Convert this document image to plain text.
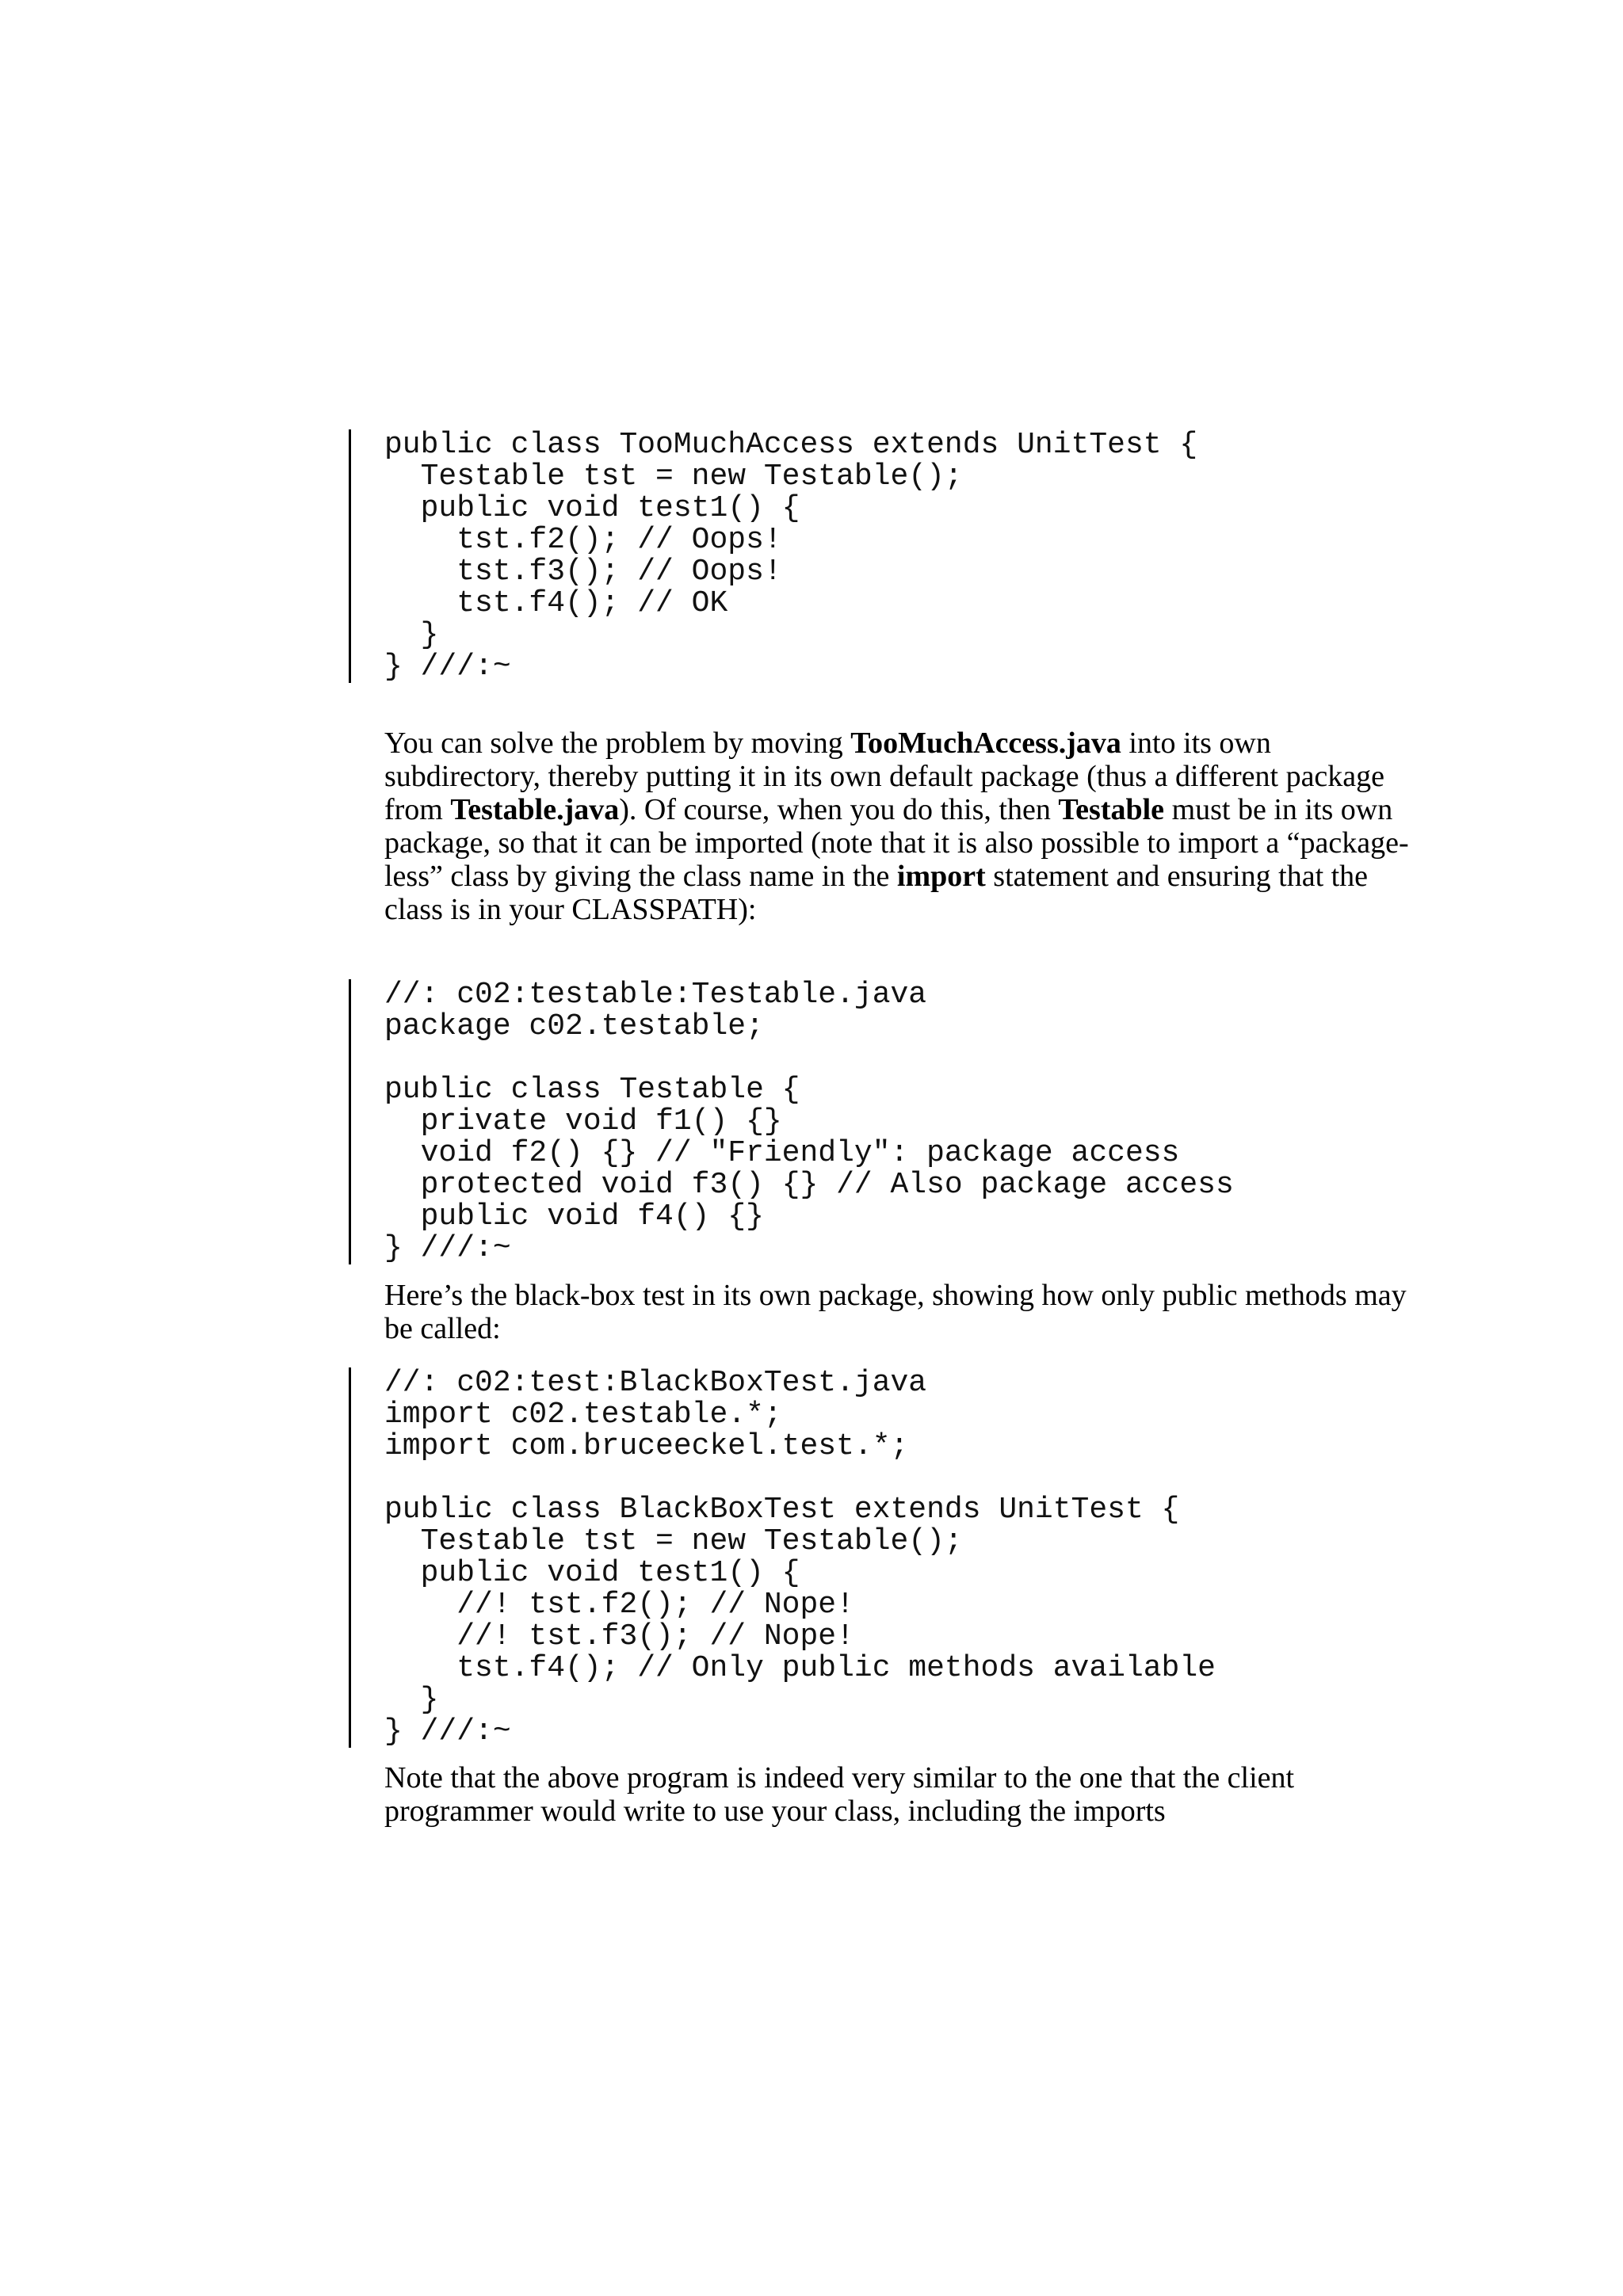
public class TooMuchAccess extends UnitTest {
Testable tst = new Testable();
public void test1() {
tst.f2(); // Oops!
tst.f3(); // Oops!
tst.f4(); // OK
}
} ///:~
You can solve the problem by moving TooMuchAccess.java into its own subdirectory, thereby putting it in its own default package (thus a different package from Testable.java). Of course, when you do this, then Testable must be in its own package, so that it can be imported (note that it is also possible to import a “package-less” class by giving the class name in the import statement and ensuring that the class is in your CLASSPATH):
//: c02:testable:Testable.java
package c02.testable;
public class Testable {
private void f1() {}
void f2() {} // "Friendly": package access
protected void f3() {} // Also package access
public void f4() {}
} ///:~
Here’s the black-box test in its own package, showing how only public methods may be called:
//: c02:test:BlackBoxTest.java
import c02.testable.*;
import com.bruceeckel.test.*;
public class BlackBoxTest extends UnitTest {
Testable tst = new Testable();
public void test1() {
//! tst.f2(); // Nope!
//! tst.f3(); // Nope!
tst.f4(); // Only public methods available
}
} ///:~
Note that the above program is indeed very similar to the one that the client programmer would write to use your class, including the imports
